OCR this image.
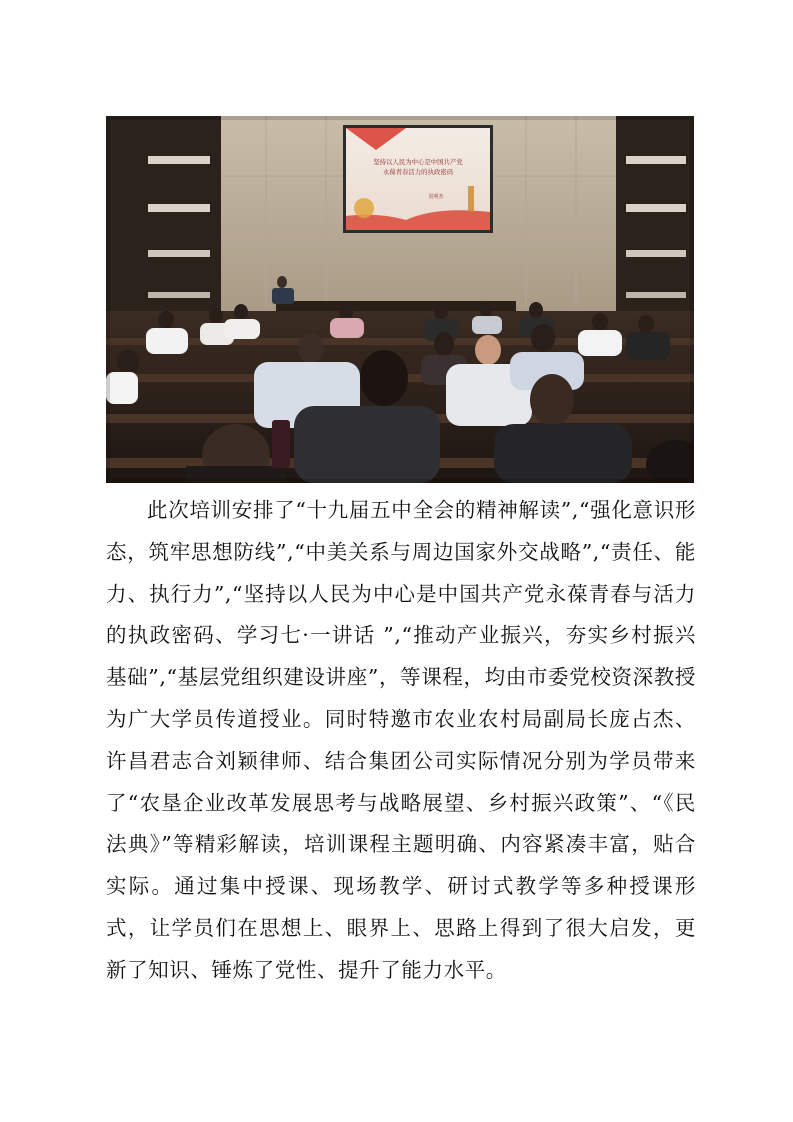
坚持以人民为中心是中国共产党
永葆青春活力的执政密码
雷明杰

此次培训安排了“十九届五中全会的精神解读”,“强化意识形态，筑牢思想防线”,“中美关系与周边国家外交战略”,“责任、能力、执行力”,“坚持以人民为中心是中国共产党永葆青春与活力的执政密码、学习七·一讲话 ”,“推动产业振兴，夯实乡村振兴基础”,“基层党组织建设讲座”，等课程，均由市委党校资深教授为广大学员传道授业。同时特邀市农业农村局副局长庞占杰、许昌君志合刘颖律师、结合集团公司实际情况分别为学员带来了“农垦企业改革发展思考与战略展望、乡村振兴政策”、“《民法典》”等精彩解读，培训课程主题明确、内容紧凑丰富，贴合实际。通过集中授课、现场教学、研讨式教学等多种授课形式，让学员们在思想上、眼界上、思路上得到了很大启发，更新了知识、锤炼了党性、提升了能力水平。
